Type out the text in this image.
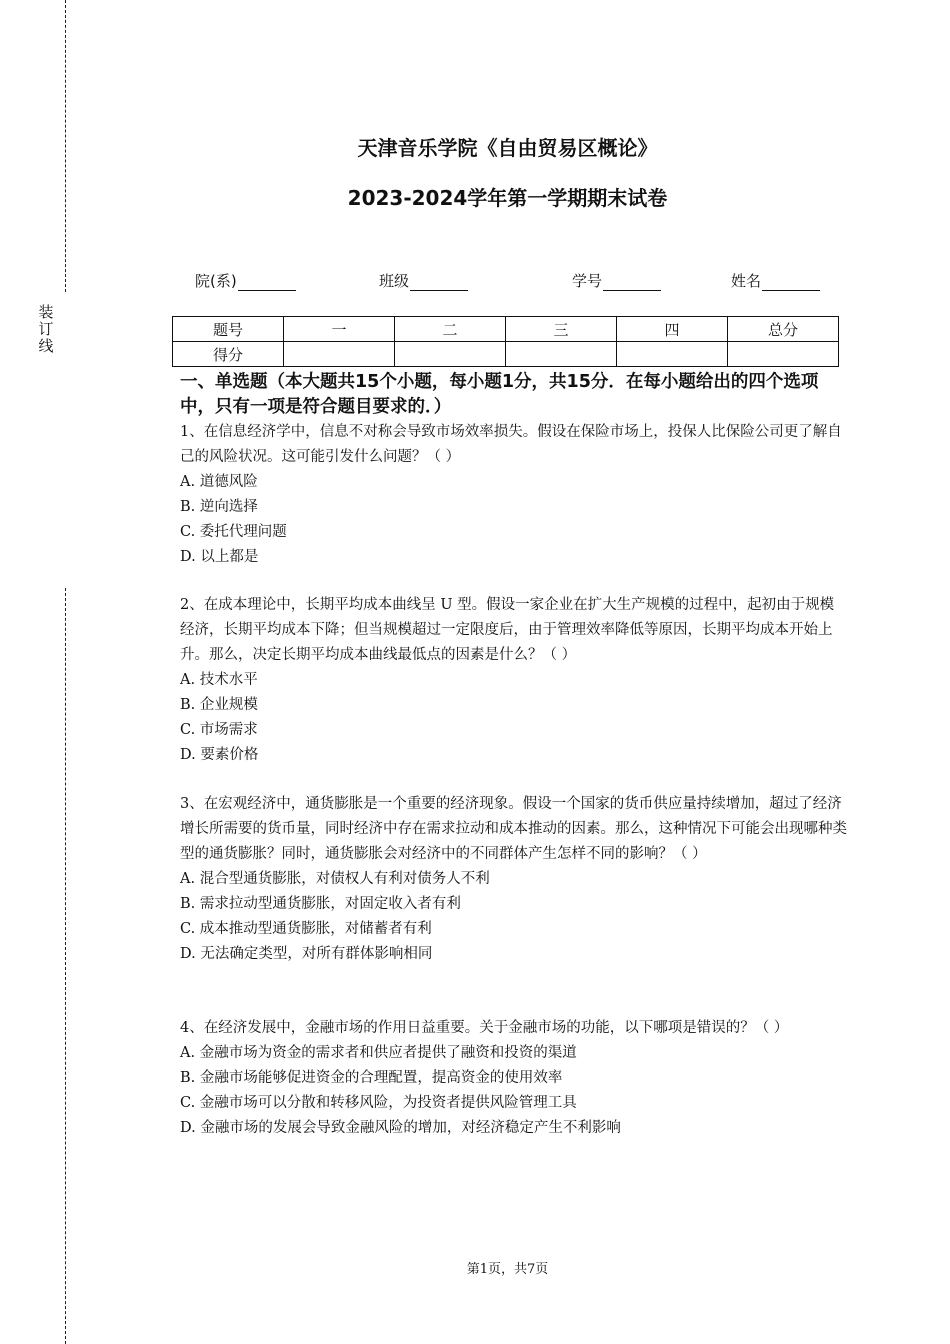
装
订
线
天津音乐学院《自由贸易区概论》
2023-2024学年第一学期期末试卷
院(系)	班级	学号	姓名
题号	一	二	三	四	总分
得分					
一、单选题（本大题共15个小题，每小题1分，共15分．在每小题给出的四个选项中，只有一项是符合题目要求的．）
1、在信息经济学中，信息不对称会导致市场效率损失。假设在保险市场上，投保人比保险公司更了解自己的风险状况。这可能引发什么问题？（ ）
A. 道德风险
B. 逆向选择
C. 委托代理问题
D. 以上都是
2、在成本理论中，长期平均成本曲线呈 U 型。假设一家企业在扩大生产规模的过程中，起初由于规模经济，长期平均成本下降；但当规模超过一定限度后，由于管理效率降低等原因，长期平均成本开始上升。那么，决定长期平均成本曲线最低点的因素是什么？（ ）
A. 技术水平
B. 企业规模
C. 市场需求
D. 要素价格
3、在宏观经济中，通货膨胀是一个重要的经济现象。假设一个国家的货币供应量持续增加，超过了经济增长所需要的货币量，同时经济中存在需求拉动和成本推动的因素。那么，这种情况下可能会出现哪种类型的通货膨胀？同时，通货膨胀会对经济中的不同群体产生怎样不同的影响？（ ）
A. 混合型通货膨胀，对债权人有利对债务人不利
B. 需求拉动型通货膨胀，对固定收入者有利
C. 成本推动型通货膨胀，对储蓄者有利
D. 无法确定类型，对所有群体影响相同
4、在经济发展中，金融市场的作用日益重要。关于金融市场的功能，以下哪项是错误的？（ ）
A. 金融市场为资金的需求者和供应者提供了融资和投资的渠道
B. 金融市场能够促进资金的合理配置，提高资金的使用效率
C. 金融市场可以分散和转移风险，为投资者提供风险管理工具
D. 金融市场的发展会导致金融风险的增加，对经济稳定产生不利影响
第1页，共7页
